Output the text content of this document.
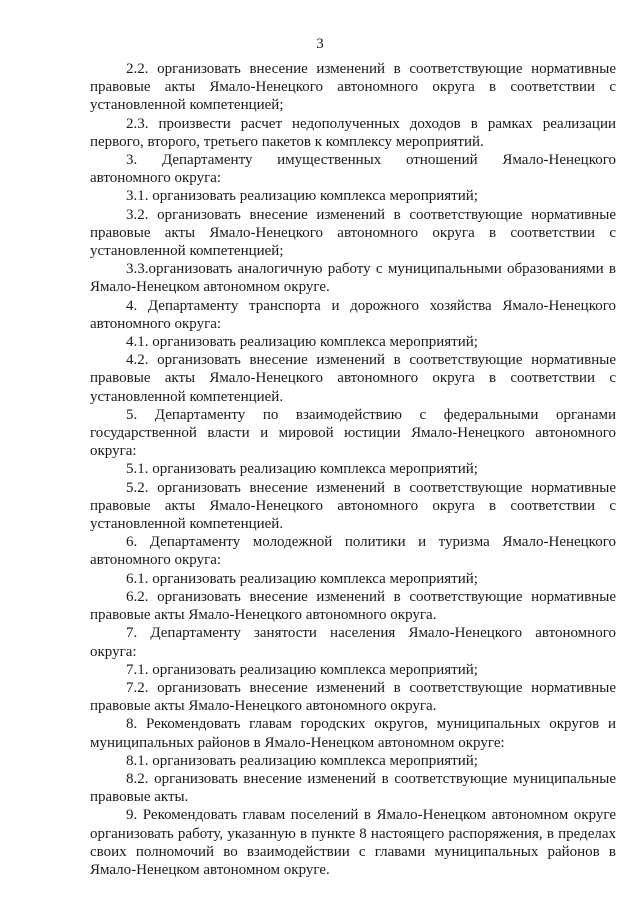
3

2.2. организовать внесение изменений в соответствующие нормативные правовые акты Ямало-Ненецкого автономного округа в соответствии с установленной компетенцией;

2.3. произвести расчет недополученных доходов в рамках реализации первого, второго, третьего пакетов к комплексу мероприятий.

3. Департаменту имущественных отношений Ямало-Ненецкого автономного округа:

3.1. организовать реализацию комплекса мероприятий;

3.2. организовать внесение изменений в соответствующие нормативные правовые акты Ямало-Ненецкого автономного округа в соответствии с установленной компетенцией;

3.3.организовать аналогичную работу с муниципальными образованиями в Ямало-Ненецком автономном округе.

4. Департаменту транспорта и дорожного хозяйства Ямало-Ненецкого автономного округа:

4.1. организовать реализацию комплекса мероприятий;

4.2. организовать внесение изменений в соответствующие нормативные правовые акты Ямало-Ненецкого автономного округа в соответствии с установленной компетенцией.

5. Департаменту по взаимодействию с федеральными органами государственной власти и мировой юстиции Ямало-Ненецкого автономного округа:

5.1. организовать реализацию комплекса мероприятий;

5.2. организовать внесение изменений в соответствующие нормативные правовые акты Ямало-Ненецкого автономного округа в соответствии с установленной компетенцией.

6. Департаменту молодежной политики и туризма Ямало-Ненецкого автономного округа:

6.1. организовать реализацию комплекса мероприятий;

6.2. организовать внесение изменений в соответствующие нормативные правовые акты Ямало-Ненецкого автономного округа.

7. Департаменту занятости населения Ямало-Ненецкого автономного округа:

7.1. организовать реализацию комплекса мероприятий;

7.2. организовать внесение изменений в соответствующие нормативные правовые акты Ямало-Ненецкого автономного округа.

8. Рекомендовать главам городских округов, муниципальных округов и муниципальных районов в Ямало-Ненецком автономном округе:

8.1. организовать реализацию комплекса мероприятий;

8.2. организовать внесение изменений в соответствующие муниципальные правовые акты.

9. Рекомендовать главам поселений в Ямало-Ненецком автономном округе организовать работу, указанную в пункте 8 настоящего распоряжения, в пределах своих полномочий во взаимодействии с главами муниципальных районов в Ямало-Ненецком автономном округе.
